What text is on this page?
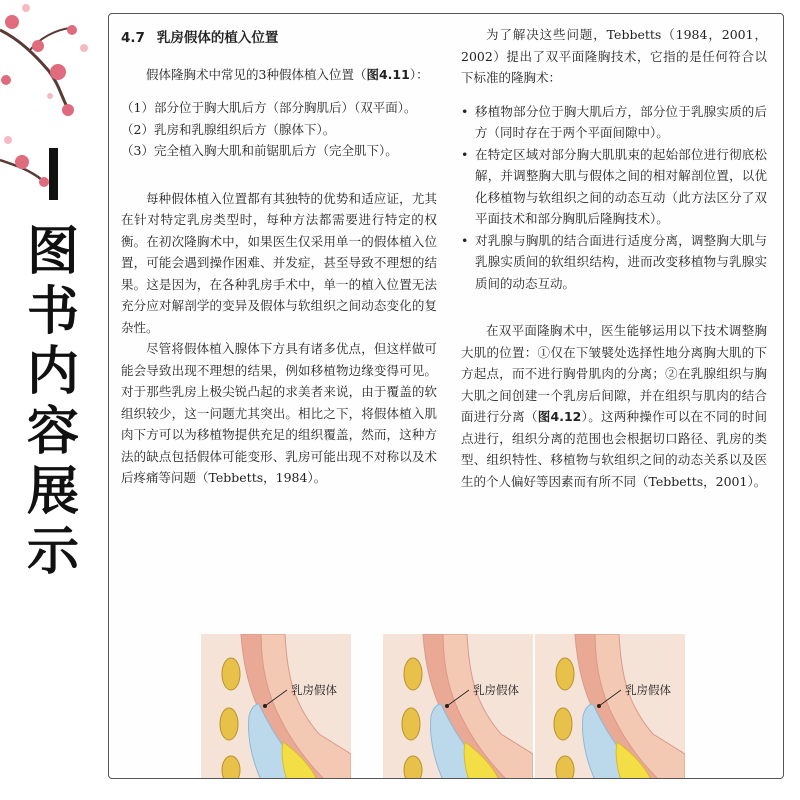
图
书
内
容
展
示
4.7 乳房假体的植入位置

假体隆胸术中常见的3种假体植入位置（图4.11）：

（1）部分位于胸大肌后方（部分胸肌后）（双平面）。

（2）乳房和乳腺组织后方（腺体下）。

（3）完全植入胸大肌和前锯肌后方（完全肌下）。

每种假体植入位置都有其独特的优势和适应证，尤其在针对特定乳房类型时，每种方法都需要进行特定的权衡。在初次隆胸术中，如果医生仅采用单一的假体植入位置，可能会遇到操作困难、并发症，甚至导致不理想的结果。这是因为，在各种乳房手术中，单一的植入位置无法充分应对解剖学的变异及假体与软组织之间动态变化的复杂性。

尽管将假体植入腺体下方具有诸多优点，但这样做可能会导致出现不理想的结果，例如移植物边缘变得可见。对于那些乳房上极尖锐凸起的求美者来说，由于覆盖的软组织较少，这一问题尤其突出。相比之下，将假体植入肌肉下方可以为移植物提供充足的组织覆盖，然而，这种方法的缺点包括假体可能变形、乳房可能出现不对称以及术后疼痛等问题（Tebbetts，1984）。

为了解决这些问题，Tebbetts（1984，2001，2002）提出了双平面隆胸技术，它指的是任何符合以下标准的隆胸术：

• 移植物部分位于胸大肌后方，部分位于乳腺实质的后方（同时存在于两个平面间隙中）。

• 在特定区域对部分胸大肌肌束的起始部位进行彻底松解，并调整胸大肌与假体之间的相对解剖位置，以优化移植物与软组织之间的动态互动（此方法区分了双平面技术和部分胸肌后隆胸技术）。

• 对乳腺与胸肌的结合面进行适度分离，调整胸大肌与乳腺实质间的软组织结构，进而改变移植物与乳腺实质间的动态互动。

在双平面隆胸术中，医生能够运用以下技术调整胸大肌的位置：①仅在下皱襞处选择性地分离胸大肌的下方起点，而不进行胸骨肌肉的分离；②在乳腺组织与胸大肌之间创建一个乳房后间隙，并在组织与肌肉的结合面进行分离（图4.12）。这两种操作可以在不同的时间点进行，组织分离的范围也会根据切口路径、乳房的类型、组织特性、移植物与软组织之间的动态关系以及医生的个人偏好等因素而有所不同（Tebbetts，2001）。

乳房假体	乳房假体	乳房假体
